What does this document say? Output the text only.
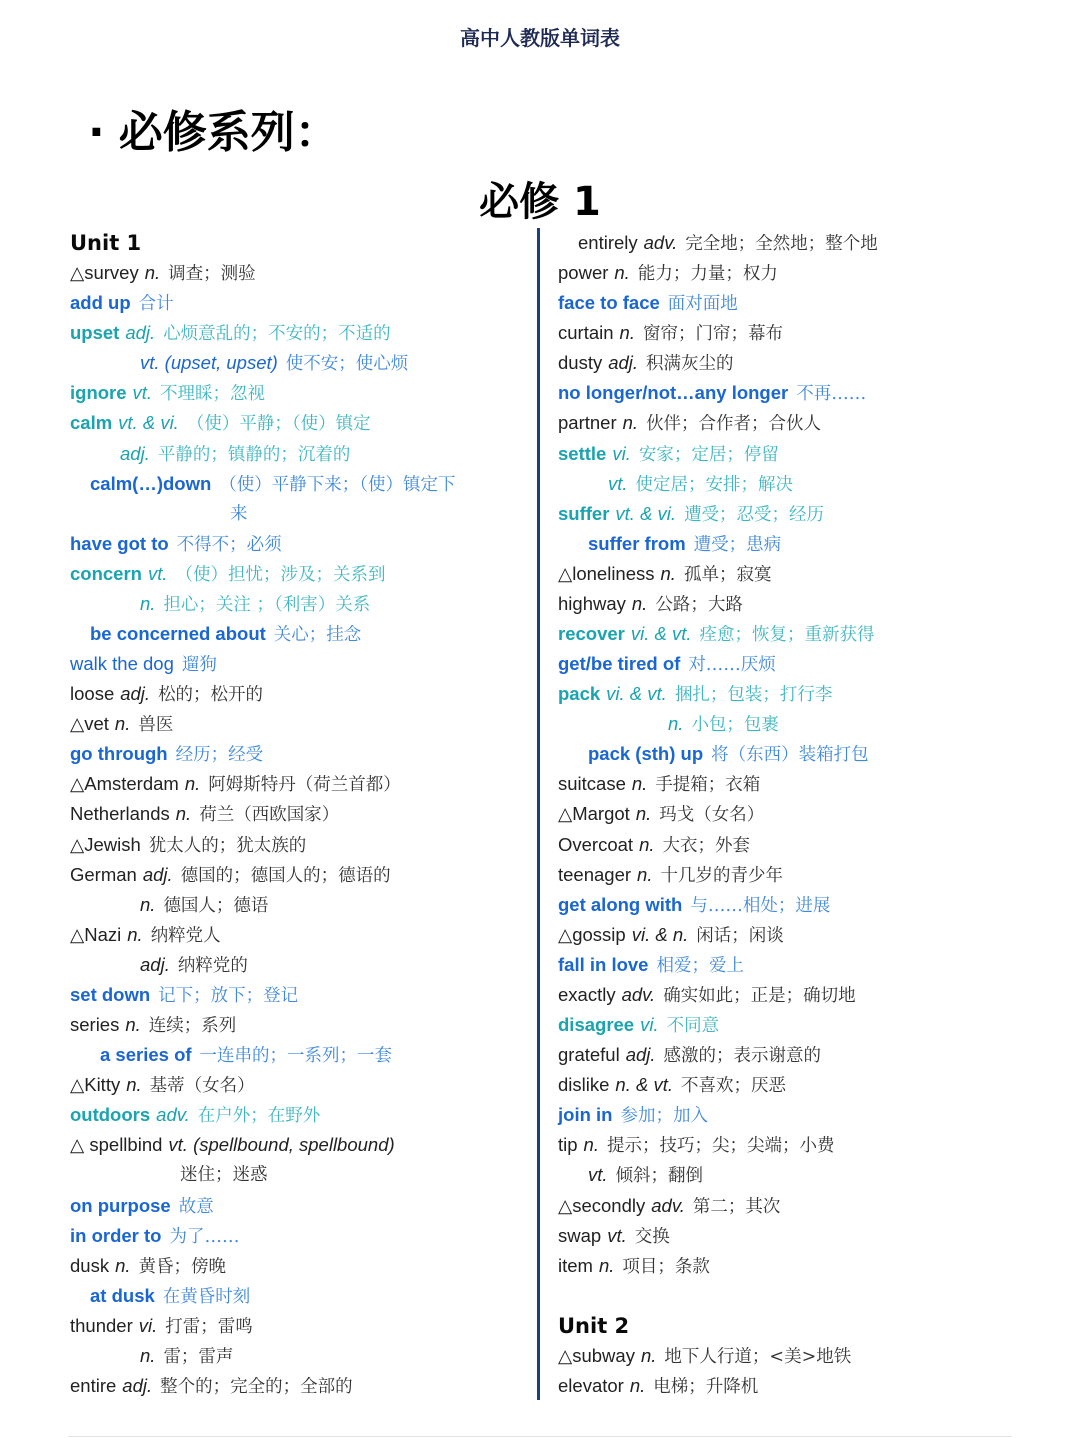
高中人教版单词表
· 必修系列：
必修 1
Unit 1
△survey n. 调查；测验
add up 合计
upset adj. 心烦意乱的；不安的；不适的
vt. (upset, upset) 使不安；使心烦
ignore vt. 不理睬；忽视
calm vt. & vi. （使）平静；（使）镇定
adj. 平静的；镇静的；沉着的
calm(…)down （使）平静下来；（使）镇定下
来
have got to 不得不；必须
concern vt. （使）担忧；涉及；关系到
n. 担心；关注 ；（利害）关系
be concerned about 关心；挂念
walk the dog 遛狗
loose adj. 松的；松开的
△vet n. 兽医
go through 经历；经受
△Amsterdam n. 阿姆斯特丹（荷兰首都）
Netherlands n. 荷兰（西欧国家）
△Jewish 犹太人的；犹太族的
German adj. 德国的；德国人的；德语的
n. 德国人；德语
△Nazi n. 纳粹党人
adj. 纳粹党的
set down 记下；放下；登记
series n. 连续；系列
a series of 一连串的；一系列；一套
△Kitty n. 基蒂（女名）
outdoors adv. 在户外；在野外
△ spellbind vt. (spellbound, spellbound)
迷住；迷惑
on purpose 故意
in order to 为了……
dusk n. 黄昏；傍晚
at dusk 在黄昏时刻
thunder vi. 打雷；雷鸣
n. 雷；雷声
entire adj. 整个的；完全的；全部的
entirely adv. 完全地；全然地；整个地
power n. 能力；力量；权力
face to face 面对面地
curtain n. 窗帘；门帘；幕布
dusty adj. 积满灰尘的
no longer/not…any longer 不再……
partner n. 伙伴；合作者；合伙人
settle vi. 安家；定居；停留
vt. 使定居；安排；解决
suffer vt. & vi. 遭受；忍受；经历
suffer from 遭受；患病
△loneliness n. 孤单；寂寞
highway n. 公路；大路
recover vi. & vt. 痊愈；恢复；重新获得
get/be tired of 对……厌烦
pack vi. & vt. 捆扎；包装；打行李
n. 小包；包裹
pack (sth) up 将（东西）装箱打包
suitcase n. 手提箱；衣箱
△Margot n. 玛戈（女名）
Overcoat n. 大衣；外套
teenager n. 十几岁的青少年
get along with 与……相处；进展
△gossip vi. & n. 闲话；闲谈
fall in love 相爱；爱上
exactly adv. 确实如此；正是；确切地
disagree vi. 不同意
grateful adj. 感激的；表示谢意的
dislike n. & vt. 不喜欢；厌恶
join in 参加；加入
tip n. 提示；技巧；尖；尖端；小费
vt. 倾斜；翻倒
△secondly adv. 第二；其次
swap vt. 交换
item n. 项目；条款
Unit 2
△subway n. 地下人行道；<美>地铁
elevator n. 电梯；升降机
